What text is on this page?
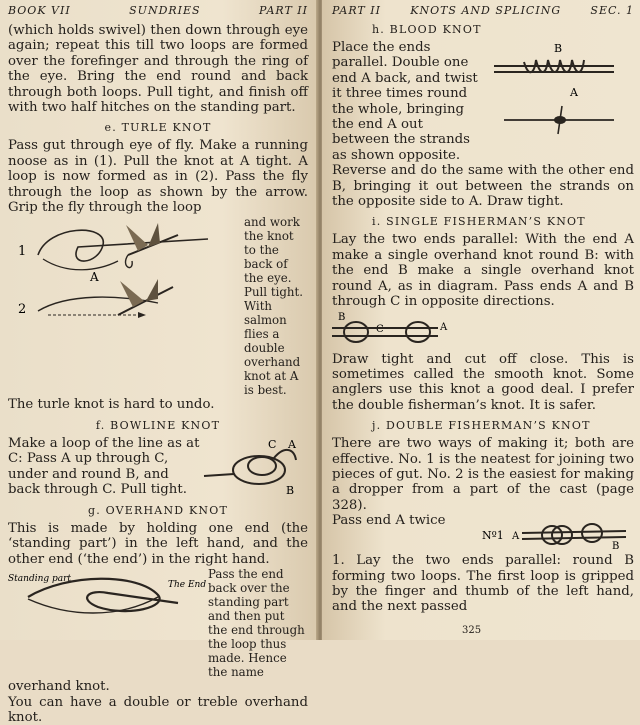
BOOK VII	SUNDRIES	PART II

(which holds swivel) then down through eye again; repeat this till two loops are formed over the forefinger and through the ring of the eye. Bring the end round and back through both loops. Pull tight, and finish off with two half hitches on the standing part.

e. TURLE KNOT

Pass gut through eye of fly. Make a running noose as in (1). Pull the knot at A tight. A loop is now formed as in (2). Pass the fly through the loop as shown by the arrow. Grip the fly through the loop

1
2
A

and work the knot to the back of the eye. Pull tight. With salmon flies a double overhand knot at A is best.

The turle knot is hard to undo.

f. BOWLINE KNOT

Make a loop of the line as at C: Pass A up through C, under and round B, and back through C. Pull tight.

C A
B
g. OVERHAND KNOT

This is made by holding one end (the ‘standing part’) in the left hand, and the other end (‘the end’) in the right hand.

Standing part
The End

Pass the end back over the standing part and then put the end through the loop thus made. Hence the name

overhand knot.

You can have a double or treble overhand knot.

PART II	KNOTS AND SPLICING	SEC. 1
h. BLOOD KNOT

Place the ends parallel. Double one end A back, and twist it three times round the whole, bringing the end A out between the strands as shown opposite.

B
A

Reverse and do the same with the other end B, bringing it out between the strands on the opposite side to A. Draw tight.

i. SINGLE FISHERMAN’S KNOT

Lay the two ends parallel: With the end A make a single overhand knot round B: with the end B make a single overhand knot round A, as in diagram. Pass ends A and B through C in opposite directions.

B
C	A

Draw tight and cut off close. This is sometimes called the smooth knot. Some anglers use this knot a good deal. I prefer the double fisherman’s knot. It is safer.

j. DOUBLE FISHERMAN’S KNOT

There are two ways of making it; both are effective. No. 1 is the neatest for joining two pieces of gut. No. 2 is the easiest for making a dropper from a part of the cast (page 328).

Pass end A twice

Nº1 A
B

1. Lay the two ends parallel: round B forming two loops. The first loop is gripped by the finger and thumb of the left hand, and the next passed

325
